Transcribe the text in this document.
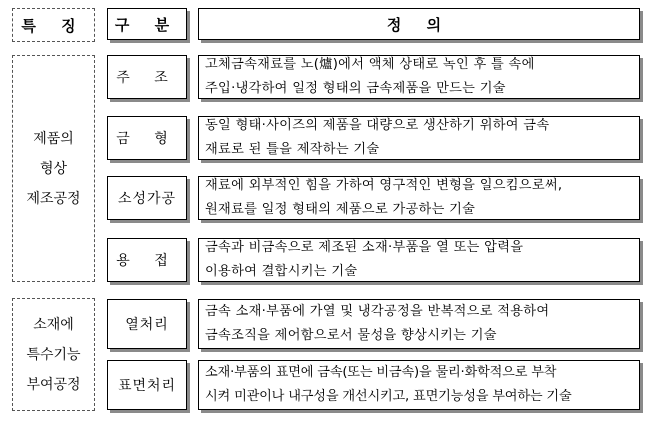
특 징 구 분	정 의
제품의
형상
제조공정
주 조
고체금속재료를 노(爐)에서 액체 상태로 녹인 후 틀 속에
주입·냉각하여 일정 형태의 금속제품을 만드는 기술
금 형
동일 형태·사이즈의 제품을 대량으로 생산하기 위하여 금속
재료로 된 틀을 제작하는 기술
소성가공
재료에 외부적인 힘을 가하여 영구적인 변형을 일으킴으로써,
원재료를 일정 형태의 제품으로 가공하는 기술
용 접
금속과 비금속으로 제조된 소재·부품을 열 또는 압력을
이용하여 결합시키는 기술
소재에
특수기능
부여공정
열처리
금속 소재·부품에 가열 및 냉각공정을 반복적으로 적용하여
금속조직을 제어함으로서 물성을 향상시키는 기술
표면처리
소재·부품의 표면에 금속(또는 비금속)을 물리·화학적으로 부착
시켜 미관이나 내구성을 개선시키고, 표면기능성을 부여하는 기술
